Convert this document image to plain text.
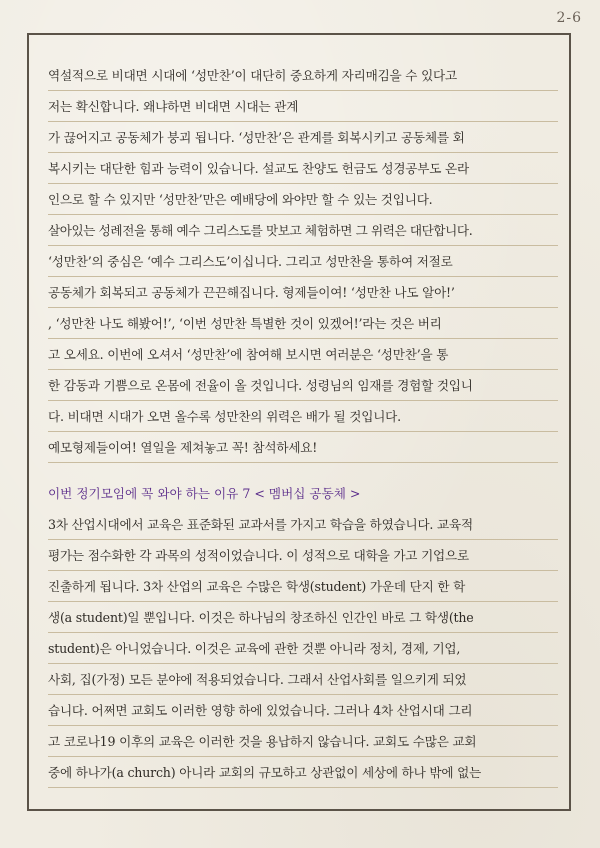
2-6
역설적으로 비대면 시대에 ‘성만찬’이 대단히 중요하게 자리매김을 수 있다고
저는 확신합니다. 왜냐하면 비대면 시대는 관계
가 끊어지고 공동체가 붕괴 됩니다. ‘성만찬’은 관계를 회복시키고 공동체를 회
복시키는 대단한 힘과 능력이 있습니다. 설교도 찬양도 헌금도 성경공부도 온라
인으로 할 수 있지만 ‘성만찬’만은 예배당에 와야만 할 수 있는 것입니다.
살아있는 성례전을 통해 예수 그리스도를 맛보고 체험하면 그 위력은 대단합니다.
‘성만찬’의 중심은 ‘예수 그리스도’이십니다. 그리고 성만찬을 통하여 저절로
공동체가 회복되고 공동체가 끈끈해집니다. 형제들이여! ‘성만찬 나도 알아!’
, ‘성만찬 나도 해봤어!’, ‘이번 성만찬 특별한 것이 있겠어!’라는 것은 버리
고 오세요. 이번에 오셔서 ‘성만찬’에 참여해 보시면 여러분은 ‘성만찬’을 통
한 감동과 기쁨으로 온몸에 전율이 올 것입니다. 성령님의 임재를 경험할 것입니
다. 비대면 시대가 오면 올수록 성만찬의 위력은 배가 될 것입니다.
예모형제들이여! 열일을 제쳐놓고 꼭! 참석하세요!
이번 정기모임에 꼭 와야 하는 이유 7 < 멤버십 공동체 >
3차 산업시대에서 교육은 표준화된 교과서를 가지고 학습을 하였습니다. 교육적
평가는 점수화한 각 과목의 성적이었습니다. 이 성적으로 대학을 가고 기업으로
진출하게 됩니다. 3차 산업의 교육은 수많은 학생(student) 가운데 단지 한 학
생(a student)일 뿐입니다. 이것은 하나님의 창조하신 인간인 바로 그 학생(the
student)은 아니었습니다. 이것은 교육에 관한 것뿐 아니라 정치, 경제, 기업,
사회, 집(가정) 모든 분야에 적용되었습니다. 그래서 산업사회를 일으키게 되었
습니다. 어쩌면 교회도 이러한 영향 하에 있었습니다. 그러나 4차 산업시대 그리
고 코로나19 이후의 교육은 이러한 것을 용납하지 않습니다. 교회도 수많은 교회
중에 하나가(a church) 아니라 교회의 규모하고 상관없이 세상에 하나 밖에 없는
